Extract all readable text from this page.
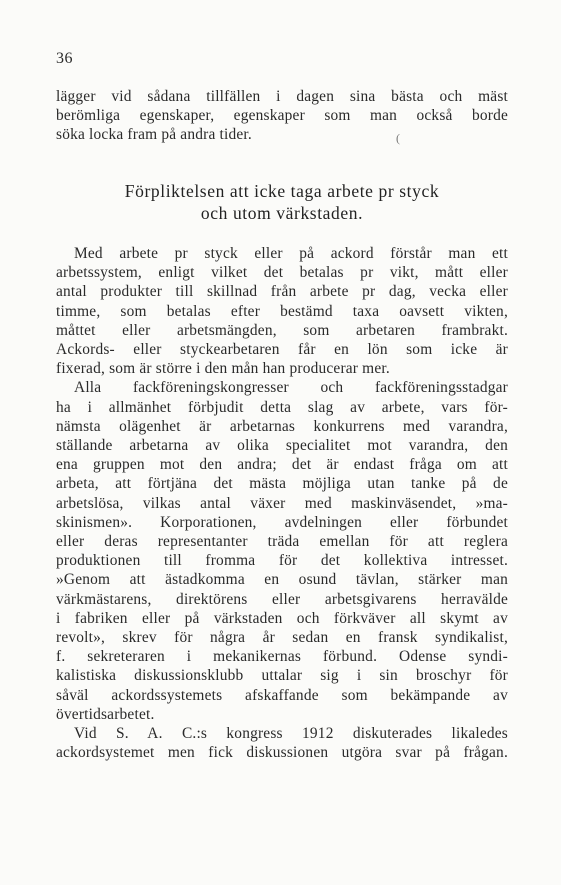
36
(
lägger vid sådana tillfällen i dagen sina bästa och mäst
berömliga egenskaper, egenskaper som man också borde
söka locka fram på andra tider.
Förpliktelsen att icke taga arbete pr styck
och utom värkstaden.
Med arbete pr styck eller på ackord förstår man ett
arbetssystem, enligt vilket det betalas pr vikt, mått eller
antal produkter till skillnad från arbete pr dag, vecka eller
timme, som betalas efter bestämd taxa oavsett vikten,
måttet eller arbetsmängden, som arbetaren frambrakt.
Ackords- eller styckearbetaren får en lön som icke är
fixerad, som är större i den mån han producerar mer.
Alla fackföreningskongresser och fackföreningsstadgar
ha i allmänhet förbjudit detta slag av arbete, vars för-
nämsta olägenhet är arbetarnas konkurrens med varandra,
ställande arbetarna av olika specialitet mot varandra, den
ena gruppen mot den andra; det är endast fråga om att
arbeta, att förtjäna det mästa möjliga utan tanke på de
arbetslösa, vilkas antal växer med maskinväsendet, »ma-
skinismen». Korporationen, avdelningen eller förbundet
eller deras representanter träda emellan för att reglera
produktionen till fromma för det kollektiva intresset.
»Genom att ästadkomma en osund tävlan, stärker man
värkmästarens, direktörens eller arbetsgivarens herravälde
i fabriken eller på värkstaden och förkväver all skymt av
revolt», skrev för några år sedan en fransk syndikalist,
f. sekreteraren i mekanikernas förbund. Odense syndi-
kalistiska diskussionsklubb uttalar sig i sin broschyr för
såväl ackordssystemets afskaffande som bekämpande av
övertidsarbetet.
Vid S. A. C.:s kongress 1912 diskuterades likaledes
ackordsystemet men fick diskussionen utgöra svar på frågan.
